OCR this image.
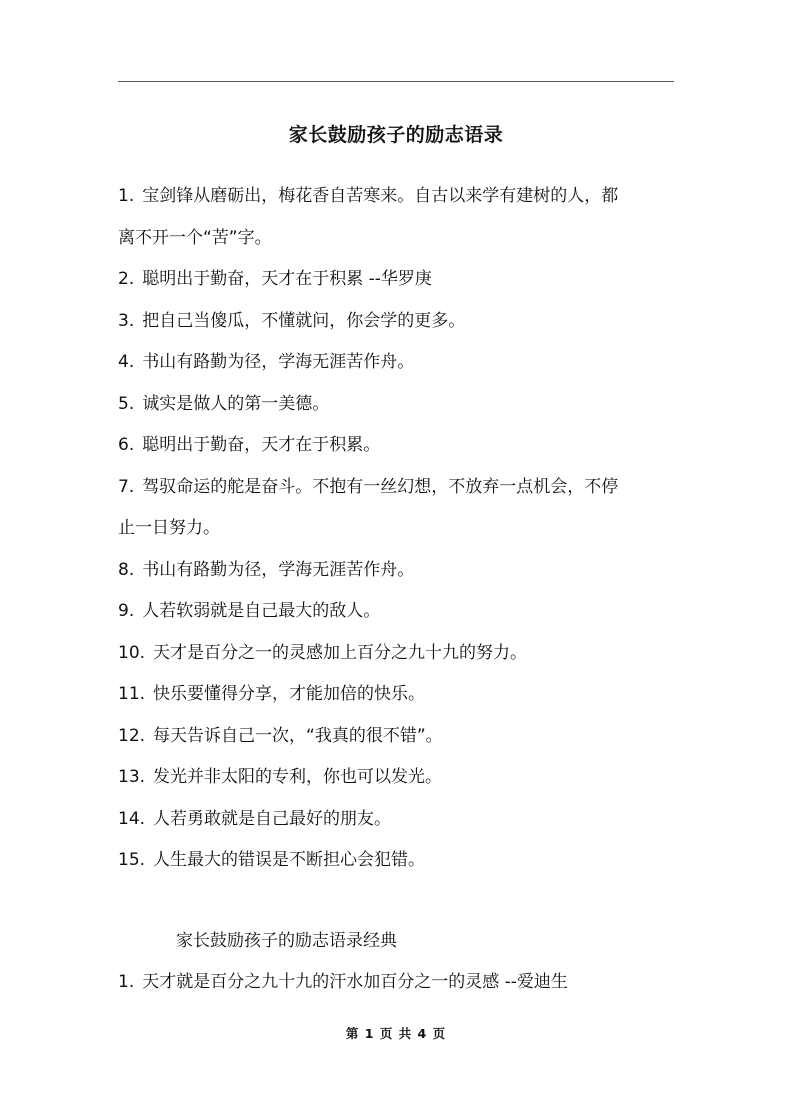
家长鼓励孩子的励志语录
1. 宝剑锋从磨砺出，梅花香自苦寒来。自古以来学有建树的人，都
离不开一个“苦”字。
2. 聪明出于勤奋，天才在于积累 --华罗庚
3. 把自己当傻瓜，不懂就问，你会学的更多。
4. 书山有路勤为径，学海无涯苦作舟。
5. 诚实是做人的第一美德。
6. 聪明出于勤奋，天才在于积累。
7. 驾驭命运的舵是奋斗。不抱有一丝幻想，不放弃一点机会，不停
止一日努力。
8. 书山有路勤为径，学海无涯苦作舟。
9. 人若软弱就是自己最大的敌人。
10. 天才是百分之一的灵感加上百分之九十九的努力。
11. 快乐要懂得分享，才能加倍的快乐。
12. 每天告诉自己一次，“我真的很不错”。
13. 发光并非太阳的专利，你也可以发光。
14. 人若勇敢就是自己最好的朋友。
15. 人生最大的错误是不断担心会犯错。
家长鼓励孩子的励志语录经典
1. 天才就是百分之九十九的汗水加百分之一的灵感 --爱迪生
第 1 页 共 4 页
